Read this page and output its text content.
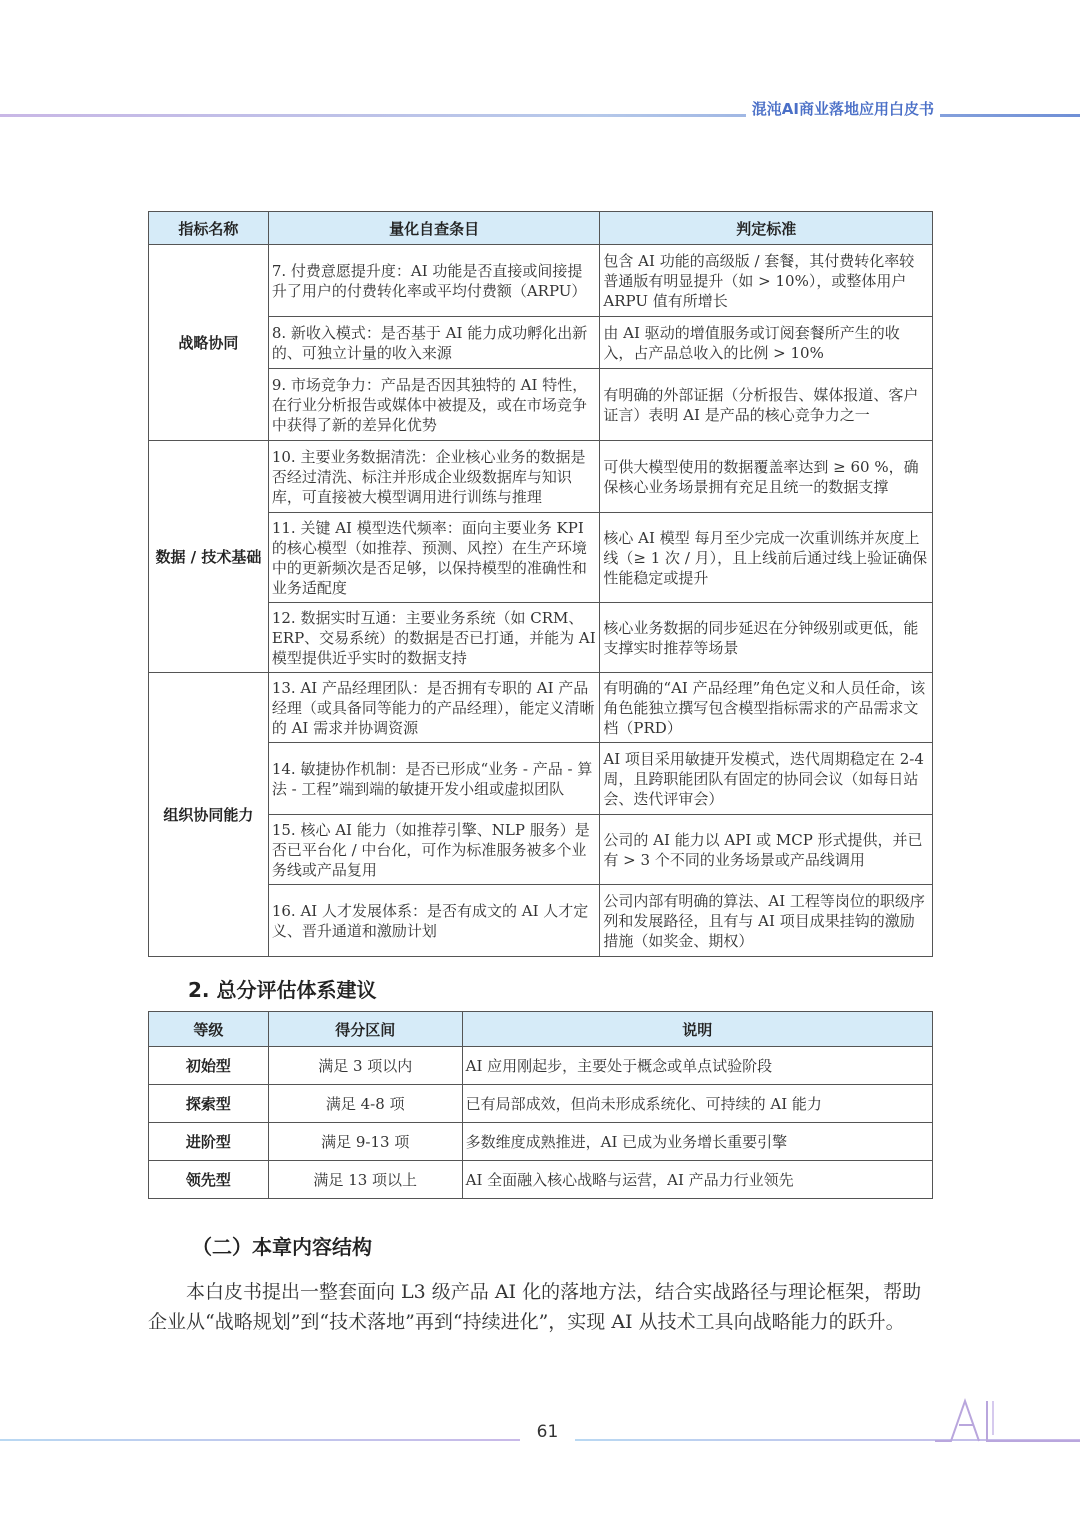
混沌AI商业落地应用白皮书
指标名称	量化自查条目	判定标准
战略协同	7. 付费意愿提升度：AI 功能是否直接或间接提升了用户的付费转化率或平均付费额（ARPU）	包含 AI 功能的高级版 / 套餐，其付费转化率较普通版有明显提升（如 > 10%），或整体用户 ARPU 值有所增长
	8. 新收入模式：是否基于 AI 能力成功孵化出新的、可独立计量的收入来源	由 AI 驱动的增值服务或订阅套餐所产生的收入，占产品总收入的比例 > 10%
	9. 市场竞争力：产品是否因其独特的 AI 特性，在行业分析报告或媒体中被提及，或在市场竞争中获得了新的差异化优势	有明确的外部证据（分析报告、媒体报道、客户证言）表明 AI 是产品的核心竞争力之一
数据 / 技术基础	10. 主要业务数据清洗：企业核心业务的数据是否经过清洗、标注并形成企业级数据库与知识库，可直接被大模型调用进行训练与推理	可供大模型使用的数据覆盖率达到 ≥ 60 %，确保核心业务场景拥有充足且统一的数据支撑
	11. 关键 AI 模型迭代频率：面向主要业务 KPI 的核心模型（如推荐、预测、风控）在生产环境中的更新频次是否足够，以保持模型的准确性和业务适配度	核心 AI 模型 每月至少完成一次重训练并灰度上线（≥ 1 次 / 月），且上线前后通过线上验证确保性能稳定或提升
	12. 数据实时互通：主要业务系统（如 CRM、ERP、交易系统）的数据是否已打通，并能为 AI 模型提供近乎实时的数据支持	核心业务数据的同步延迟在分钟级别或更低，能支撑实时推荐等场景
组织协同能力	13. AI 产品经理团队：是否拥有专职的 AI 产品经理（或具备同等能力的产品经理），能定义清晰的 AI 需求并协调资源	有明确的“AI 产品经理”角色定义和人员任命，该角色能独立撰写包含模型指标需求的产品需求文档（PRD）
	14. 敏捷协作机制：是否已形成“业务 - 产品 - 算法 - 工程”端到端的敏捷开发小组或虚拟团队	AI 项目采用敏捷开发模式，迭代周期稳定在 2-4 周，且跨职能团队有固定的协同会议（如每日站会、迭代评审会）
	15. 核心 AI 能力（如推荐引擎、NLP 服务）是否已平台化 / 中台化，可作为标准服务被多个业务线或产品复用	公司的 AI 能力以 API 或 MCP 形式提供，并已有 > 3 个不同的业务场景或产品线调用
	16. AI 人才发展体系：是否有成文的 AI 人才定义、晋升通道和激励计划	公司内部有明确的算法、AI 工程等岗位的职级序列和发展路径，且有与 AI 项目成果挂钩的激励措施（如奖金、期权）
2. 总分评估体系建议
等级	得分区间	说明
初始型	满足 3 项以内	AI 应用刚起步，主要处于概念或单点试验阶段
探索型	满足 4-8 项	已有局部成效，但尚未形成系统化、可持续的 AI 能力
进阶型	满足 9-13 项	多数维度成熟推进，AI 已成为业务增长重要引擎
领先型	满足 13 项以上	AI 全面融入核心战略与运营，AI 产品力行业领先
（二）本章内容结构
本白皮书提出一整套面向 L3 级产品 AI 化的落地方法，结合实战路径与理论框架，帮助企业从“战略规划”到“技术落地”再到“持续进化”，实现 AI 从技术工具向战略能力的跃升。
61
